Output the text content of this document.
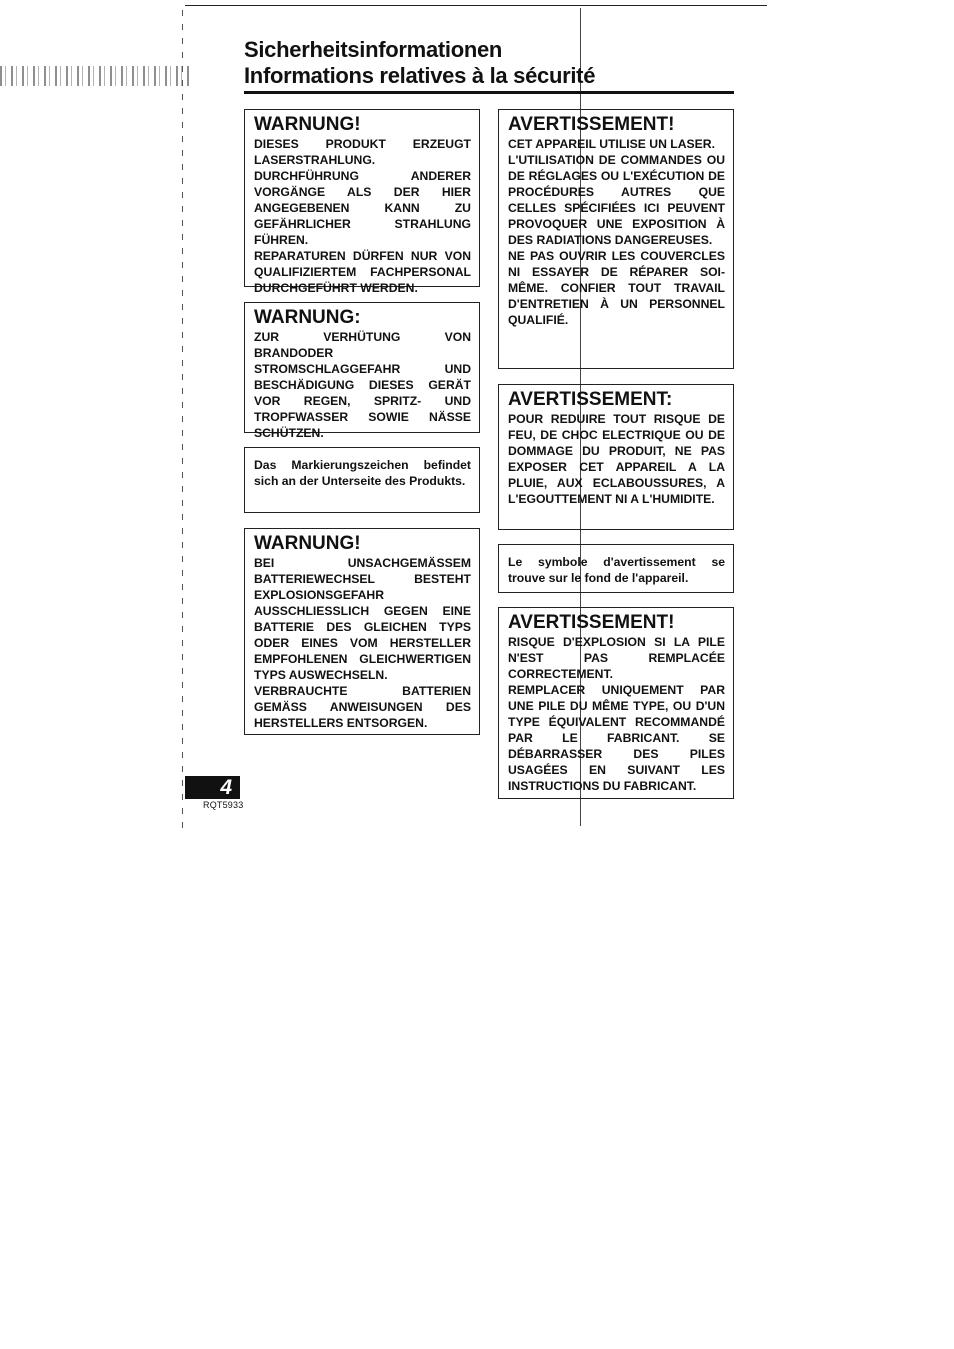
Sicherheitsinformationen
Informations relatives à la sécurité
WARNUNG!

DIESES PRODUKT ERZEUGT LASERSTRAHLUNG.

DURCHFÜHRUNG ANDERER VORGÄNGE ALS DER HIER ANGEGEBENEN KANN ZU GEFÄHRLICHER STRAHLUNG FÜHREN.

REPARATUREN DÜRFEN NUR VON QUALIFIZIERTEM FACHPERSONAL DURCHGEFÜHRT WERDEN.

WARNUNG:

ZUR VERHÜTUNG VON BRANDODER STROMSCHLAGGEFAHR UND BESCHÄDIGUNG DIESES GERÄT VOR REGEN, SPRITZ- UND TROPFWASSER SOWIE NÄSSE SCHÜTZEN.

Das Markierungszeichen befindet sich an der Unterseite des Produkts.

WARNUNG!

BEI UNSACHGEMÄSSEM BATTERIEWECHSEL BESTEHT EXPLOSIONSGEFAHR AUSSCHLIESSLICH GEGEN EINE BATTERIE DES GLEICHEN TYPS ODER EINES VOM HERSTELLER EMPFOHLENEN GLEICHWERTIGEN TYPS AUSWECHSELN.

VERBRAUCHTE BATTERIEN GEMÄSS ANWEISUNGEN DES HERSTELLERS ENTSORGEN.

AVERTISSEMENT!

CET APPAREIL UTILISE UN LASER.

L'UTILISATION DE COMMANDES OU DE RÉGLAGES OU L'EXÉCUTION DE PROCÉDURES AUTRES QUE CELLES SPÉCIFIÉES ICI PEUVENT PROVOQUER UNE EXPOSITION À DES RADIATIONS DANGEREUSES.

NE PAS OUVRIR LES COUVERCLES NI ESSAYER DE RÉPARER SOI-MÊME. CONFIER TOUT TRAVAIL D'ENTRETIEN À UN PERSONNEL QUALIFIÉ.

AVERTISSEMENT:

POUR REDUIRE TOUT RISQUE DE FEU, DE CHOC ELECTRIQUE OU DE DOMMAGE DU PRODUIT, NE PAS EXPOSER CET APPAREIL A LA PLUIE, AUX ECLABOUSSURES, A L'EGOUTTEMENT NI A L'HUMIDITE.

Le symbole d'avertissement se trouve sur le fond de l'appareil.

AVERTISSEMENT!

RISQUE D'EXPLOSION SI LA PILE N'EST PAS REMPLACÉE CORRECTEMENT.

REMPLACER UNIQUEMENT PAR UNE PILE DU MÊME TYPE, OU D'UN TYPE ÉQUIVALENT RECOMMANDÉ PAR LE FABRICANT. SE DÉBARRASSER DES PILES USAGÉES EN SUIVANT LES INSTRUCTIONS DU FABRICANT.

4
RQT5933
